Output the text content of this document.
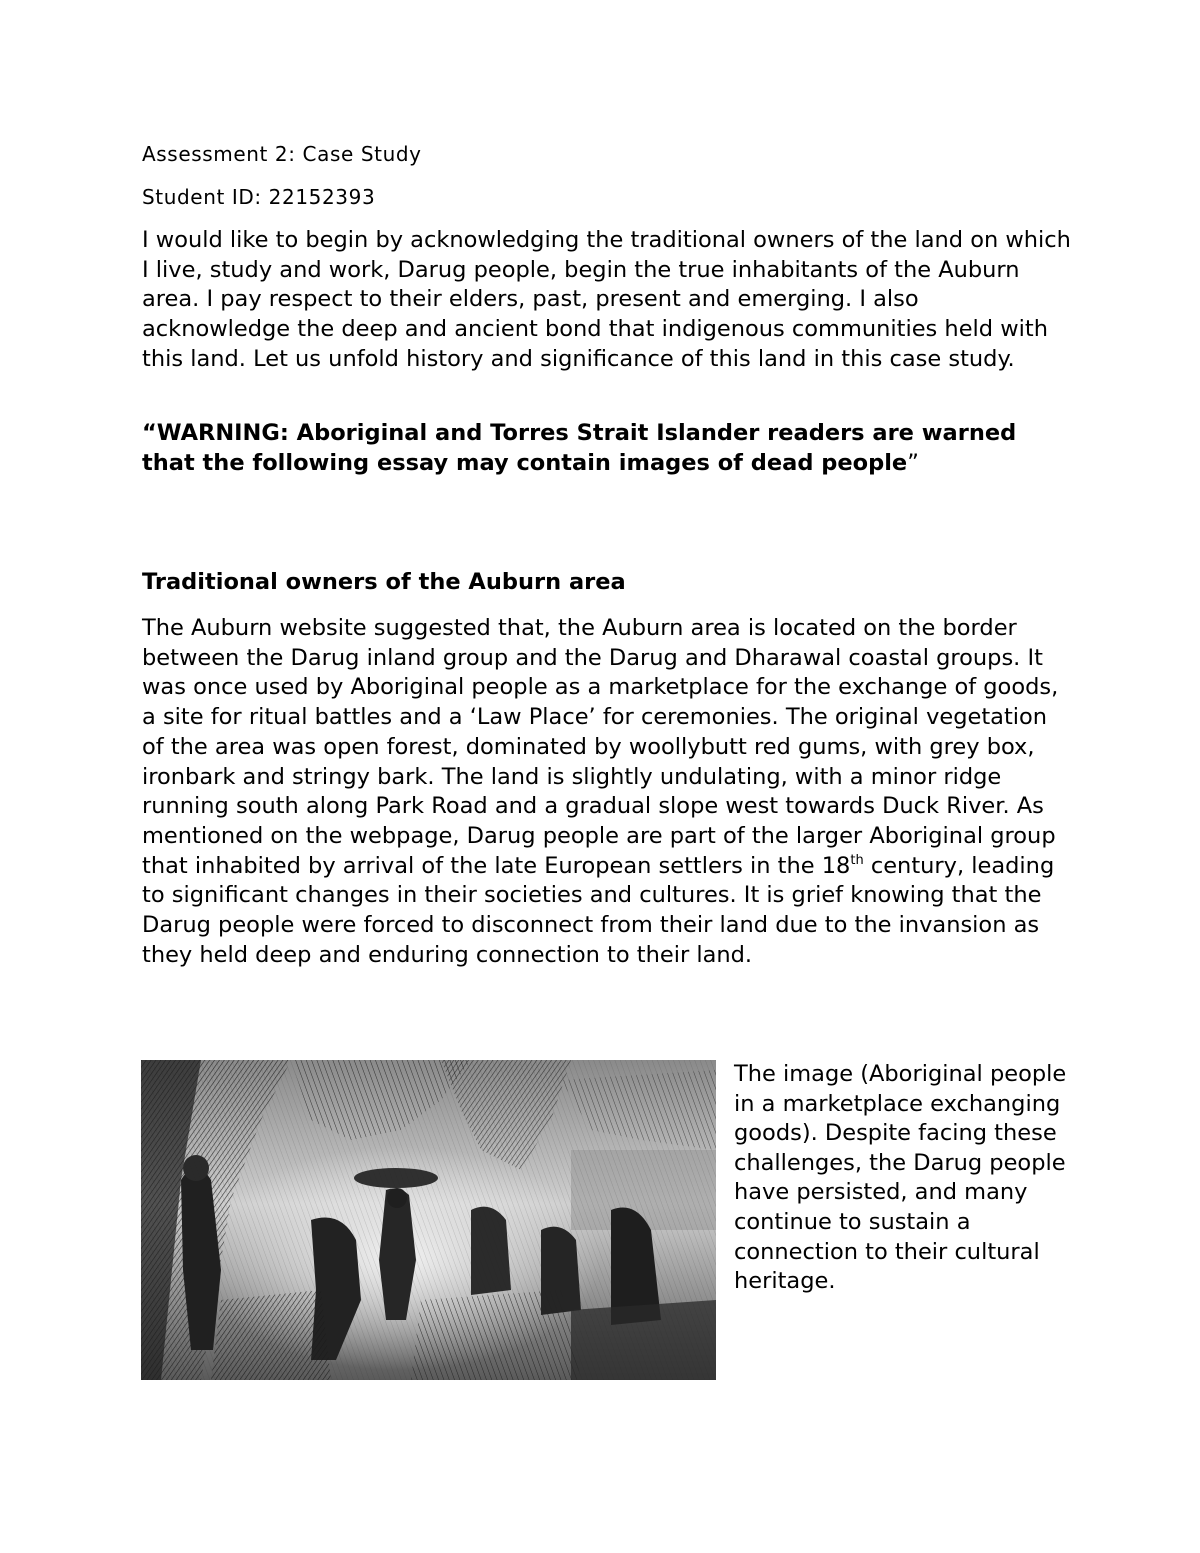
Assessment 2: Case Study
Student ID: 22152393

I would like to begin by acknowledging the traditional owners of the land on which I live, study and work, Darug people, begin the true inhabitants of the Auburn area. I pay respect to their elders, past, present and emerging. I also acknowledge the deep and ancient bond that indigenous communities held with this land. Let us unfold history and significance of this land in this case study.

“WARNING: Aboriginal and Torres Strait Islander readers are warned that the following essay may contain images of dead people”

Traditional owners of the Auburn area

The Auburn website suggested that, the Auburn area is located on the border between the Darug inland group and the Darug and Dharawal coastal groups. It was once used by Aboriginal people as a marketplace for the exchange of goods, a site for ritual battles and a ‘Law Place’ for ceremonies. The original vegetation of the area was open forest, dominated by woollybutt red gums, with grey box, ironbark and stringy bark. The land is slightly undulating, with a minor ridge running south along Park Road and a gradual slope west towards Duck River. As mentioned on the webpage, Darug people are part of the larger Aboriginal group that inhabited by arrival of the late European settlers in the 18th century, leading to significant changes in their societies and cultures. It is grief knowing that the Darug people were forced to disconnect from their land due to the invansion as they held deep and enduring connection to their land.

The image (Aboriginal people in a marketplace exchanging goods). Despite facing these challenges, the Darug people have persisted, and many continue to sustain a connection to their cultural heritage.
